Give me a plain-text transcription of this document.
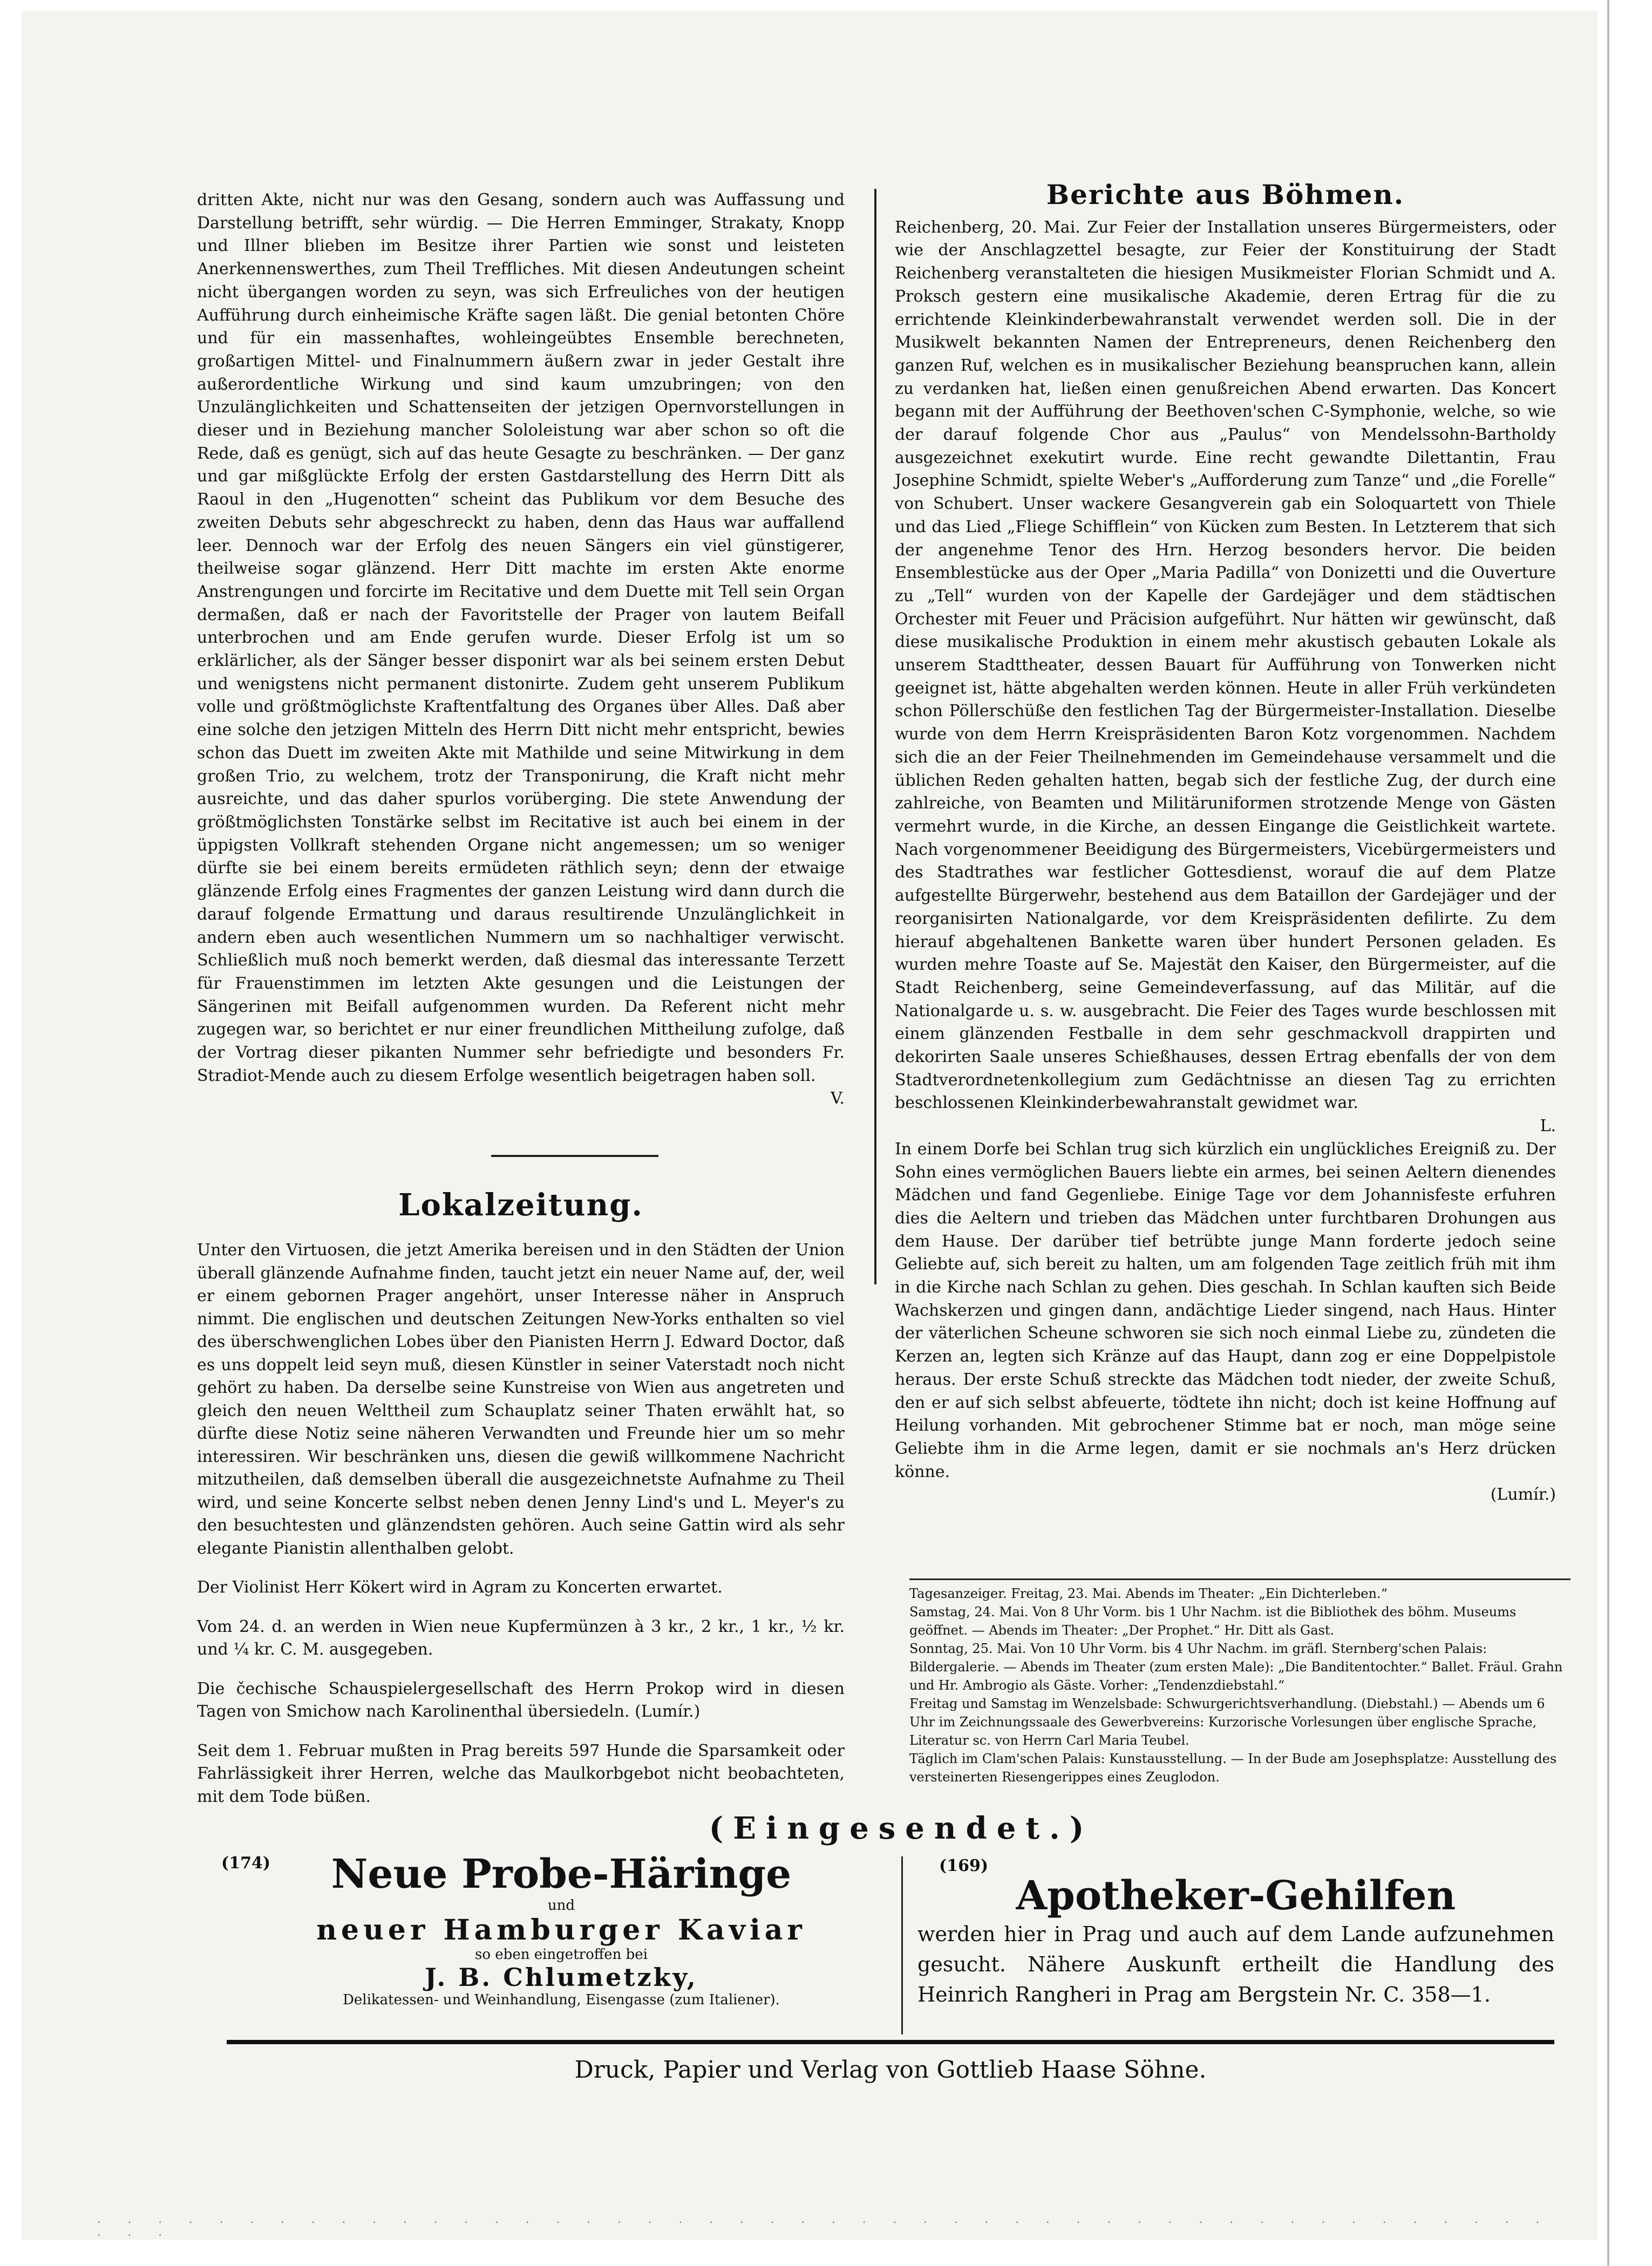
dritten Akte, nicht nur was den Gesang, sondern auch was Auffassung und Darstellung betrifft, sehr würdig. — Die Herren Emminger, Strakaty, Knopp und Illner blieben im Besitze ihrer Partien wie sonst und leisteten Anerkennenswerthes, zum Theil Treffliches. Mit diesen Andeutungen scheint nicht übergangen worden zu seyn, was sich Erfreuliches von der heutigen Aufführung durch einheimische Kräfte sagen läßt. Die genial betonten Chöre und für ein massenhaftes, wohleingeübtes Ensemble berechneten, großartigen Mittel- und Finalnummern äußern zwar in jeder Gestalt ihre außerordentliche Wirkung und sind kaum umzubringen; von den Unzulänglichkeiten und Schattenseiten der jetzigen Opernvorstellungen in dieser und in Beziehung mancher Sololeistung war aber schon so oft die Rede, daß es genügt, sich auf das heute Gesagte zu beschränken. — Der ganz und gar mißglückte Erfolg der ersten Gastdarstellung des Herrn Ditt als Raoul in den „Hugenotten“ scheint das Publikum vor dem Besuche des zweiten Debuts sehr abgeschreckt zu haben, denn das Haus war auffallend leer. Dennoch war der Erfolg des neuen Sängers ein viel günstigerer, theilweise sogar glänzend. Herr Ditt machte im ersten Akte enorme Anstrengungen und forcirte im Recitative und dem Duette mit Tell sein Organ dermaßen, daß er nach der Favoritstelle der Prager von lautem Beifall unterbrochen und am Ende gerufen wurde. Dieser Erfolg ist um so erklärlicher, als der Sänger besser disponirt war als bei seinem ersten Debut und wenigstens nicht permanent distonirte. Zudem geht unserem Publikum volle und größtmöglichste Kraftentfaltung des Organes über Alles. Daß aber eine solche den jetzigen Mitteln des Herrn Ditt nicht mehr entspricht, bewies schon das Duett im zweiten Akte mit Mathilde und seine Mitwirkung in dem großen Trio, zu welchem, trotz der Transponirung, die Kraft nicht mehr ausreichte, und das daher spurlos vorüberging. Die stete Anwendung der größtmöglichsten Tonstärke selbst im Recitative ist auch bei einem in der üppigsten Vollkraft stehenden Organe nicht angemessen; um so weniger dürfte sie bei einem bereits ermüdeten räthlich seyn; denn der etwaige glänzende Erfolg eines Fragmentes der ganzen Leistung wird dann durch die darauf folgende Ermattung und daraus resultirende Unzulänglichkeit in andern eben auch wesentlichen Nummern um so nachhaltiger verwischt. Schließlich muß noch bemerkt werden, daß diesmal das interessante Terzett für Frauenstimmen im letzten Akte gesungen und die Leistungen der Sängerinen mit Beifall aufgenommen wurden. Da Referent nicht mehr zugegen war, so berichtet er nur einer freundlichen Mittheilung zufolge, daß der Vortrag dieser pikanten Nummer sehr befriedigte und besonders Fr. Stradiot-Mende auch zu diesem Erfolge wesentlich beigetragen haben soll.

V.

Lokalzeitung.

Unter den Virtuosen, die jetzt Amerika bereisen und in den Städten der Union überall glänzende Aufnahme finden, taucht jetzt ein neuer Name auf, der, weil er einem gebornen Prager angehört, unser Interesse näher in Anspruch nimmt. Die englischen und deutschen Zeitungen New-Yorks enthalten so viel des überschwenglichen Lobes über den Pianisten Herrn J. Edward Doctor, daß es uns doppelt leid seyn muß, diesen Künstler in seiner Vaterstadt noch nicht gehört zu haben. Da derselbe seine Kunstreise von Wien aus angetreten und gleich den neuen Welttheil zum Schauplatz seiner Thaten erwählt hat, so dürfte diese Notiz seine näheren Verwandten und Freunde hier um so mehr interessiren. Wir beschränken uns, diesen die gewiß willkommene Nachricht mitzutheilen, daß demselben überall die ausgezeichnetste Aufnahme zu Theil wird, und seine Koncerte selbst neben denen Jenny Lind's und L. Meyer's zu den besuchtesten und glänzendsten gehören. Auch seine Gattin wird als sehr elegante Pianistin allenthalben gelobt.

Der Violinist Herr Kökert wird in Agram zu Koncerten erwartet.

Vom 24. d. an werden in Wien neue Kupfermünzen à 3 kr., 2 kr., 1 kr., ½ kr. und ¼ kr. C. M. ausgegeben.

Die čechische Schauspielergesellschaft des Herrn Prokop wird in diesen Tagen von Smichow nach Karolinenthal übersiedeln. (Lumír.)

Seit dem 1. Februar mußten in Prag bereits 597 Hunde die Sparsamkeit oder Fahrlässigkeit ihrer Herren, welche das Maulkorbgebot nicht beobachteten, mit dem Tode büßen.

Berichte aus Böhmen.

Reichenberg, 20. Mai. Zur Feier der Installation unseres Bürgermeisters, oder wie der Anschlagzettel besagte, zur Feier der Konstituirung der Stadt Reichenberg veranstalteten die hiesigen Musikmeister Florian Schmidt und A. Proksch gestern eine musikalische Akademie, deren Ertrag für die zu errichtende Kleinkinderbewahranstalt verwendet werden soll. Die in der Musikwelt bekannten Namen der Entrepreneurs, denen Reichenberg den ganzen Ruf, welchen es in musikalischer Beziehung beanspruchen kann, allein zu verdanken hat, ließen einen genußreichen Abend erwarten. Das Koncert begann mit der Aufführung der Beethoven'schen C-Symphonie, welche, so wie der darauf folgende Chor aus „Paulus“ von Mendelssohn-Bartholdy ausgezeichnet exekutirt wurde. Eine recht gewandte Dilettantin, Frau Josephine Schmidt, spielte Weber's „Aufforderung zum Tanze“ und „die Forelle“ von Schubert. Unser wackere Gesangverein gab ein Soloquartett von Thiele und das Lied „Fliege Schifflein“ von Kücken zum Besten. In Letzterem that sich der angenehme Tenor des Hrn. Herzog besonders hervor. Die beiden Ensemblestücke aus der Oper „Maria Padilla“ von Donizetti und die Ouverture zu „Tell“ wurden von der Kapelle der Gardejäger und dem städtischen Orchester mit Feuer und Präcision aufgeführt. Nur hätten wir gewünscht, daß diese musikalische Produktion in einem mehr akustisch gebauten Lokale als unserem Stadttheater, dessen Bauart für Aufführung von Tonwerken nicht geeignet ist, hätte abgehalten werden können. Heute in aller Früh verkündeten schon Pöllerschüße den festlichen Tag der Bürgermeister-Installation. Dieselbe wurde von dem Herrn Kreispräsidenten Baron Kotz vorgenommen. Nachdem sich die an der Feier Theilnehmenden im Gemeindehause versammelt und die üblichen Reden gehalten hatten, begab sich der festliche Zug, der durch eine zahlreiche, von Beamten und Militäruniformen strotzende Menge von Gästen vermehrt wurde, in die Kirche, an dessen Eingange die Geistlichkeit wartete. Nach vorgenommener Beeidigung des Bürgermeisters, Vicebürgermeisters und des Stadtrathes war festlicher Gottesdienst, worauf die auf dem Platze aufgestellte Bürgerwehr, bestehend aus dem Bataillon der Gardejäger und der reorganisirten Nationalgarde, vor dem Kreispräsidenten defilirte. Zu dem hierauf abgehaltenen Bankette waren über hundert Personen geladen. Es wurden mehre Toaste auf Se. Majestät den Kaiser, den Bürgermeister, auf die Stadt Reichenberg, seine Gemeindeverfassung, auf das Militär, auf die Nationalgarde u. s. w. ausgebracht. Die Feier des Tages wurde beschlossen mit einem glänzenden Festballe in dem sehr geschmackvoll drappirten und dekorirten Saale unseres Schießhauses, dessen Ertrag ebenfalls der von dem Stadtverordnetenkollegium zum Gedächtnisse an diesen Tag zu errichten beschlossenen Kleinkinderbewahranstalt gewidmet war.

L.

In einem Dorfe bei Schlan trug sich kürzlich ein unglückliches Ereigniß zu. Der Sohn eines vermöglichen Bauers liebte ein armes, bei seinen Aeltern dienendes Mädchen und fand Gegenliebe. Einige Tage vor dem Johannisfeste erfuhren dies die Aeltern und trieben das Mädchen unter furchtbaren Drohungen aus dem Hause. Der darüber tief betrübte junge Mann forderte jedoch seine Geliebte auf, sich bereit zu halten, um am folgenden Tage zeitlich früh mit ihm in die Kirche nach Schlan zu gehen. Dies geschah. In Schlan kauften sich Beide Wachskerzen und gingen dann, andächtige Lieder singend, nach Haus. Hinter der väterlichen Scheune schworen sie sich noch einmal Liebe zu, zündeten die Kerzen an, legten sich Kränze auf das Haupt, dann zog er eine Doppelpistole heraus. Der erste Schuß streckte das Mädchen todt nieder, der zweite Schuß, den er auf sich selbst abfeuerte, tödtete ihn nicht; doch ist keine Hoffnung auf Heilung vorhanden. Mit gebrochener Stimme bat er noch, man möge seine Geliebte ihm in die Arme legen, damit er sie nochmals an's Herz drücken könne.

(Lumír.)

Tagesanzeiger. Freitag, 23. Mai. Abends im Theater: „Ein Dichterleben.“

Samstag, 24. Mai. Von 8 Uhr Vorm. bis 1 Uhr Nachm. ist die Bibliothek des böhm. Museums geöffnet. — Abends im Theater: „Der Prophet.“ Hr. Ditt als Gast.

Sonntag, 25. Mai. Von 10 Uhr Vorm. bis 4 Uhr Nachm. im gräfl. Sternberg'schen Palais: Bildergalerie. — Abends im Theater (zum ersten Male): „Die Banditentochter.“ Ballet. Fräul. Grahn und Hr. Ambrogio als Gäste. Vorher: „Tendenzdiebstahl.“

Freitag und Samstag im Wenzelsbade: Schwurgerichtsverhandlung. (Diebstahl.) — Abends um 6 Uhr im Zeichnungssaale des Gewerbvereins: Kurzorische Vorlesungen über englische Sprache, Literatur sc. von Herrn Carl Maria Teubel.

Täglich im Clam'schen Palais: Kunstausstellung. — In der Bude am Josephsplatze: Ausstellung des versteinerten Riesengerippes eines Zeuglodon.

(Eingesendet.)
(174)	Neue Probe-Häringe

und

neuer Hamburger Kaviar

so eben eingetroffen bei

J. B. Chlumetzky,

Delikatessen- und Weinhandlung, Eisengasse (zum Italiener).

(169)

Apotheker-Gehilfen

werden hier in Prag und auch auf dem Lande aufzunehmen gesucht. Nähere Auskunft ertheilt die Handlung des Heinrich Rangheri in Prag am Bergstein Nr. C. 358—1.

Druck, Papier und Verlag von Gottlieb Haase Söhne.
. . . . . . . . . . . . . . . . . . . . . . . . . . . . . . . . . . . . . . . . . . . . . . . . . . .
